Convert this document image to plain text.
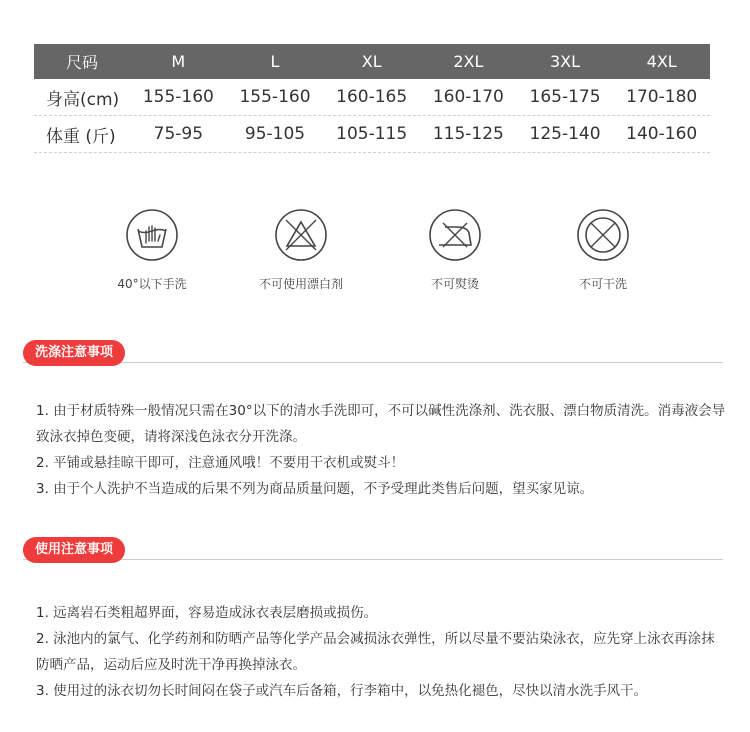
尺码	M	L	XL	2XL	3XL	4XL
身高(cm)	155-160	155-160	160-165	160-170	165-175	170-180
体重 (斤)	75-95	95-105	105-115	115-125	125-140	140-160
40°以下手洗	不可使用漂白剂	不可熨烫	不可干洗
洗涤注意事项
1. 由于材质特殊一般情况只需在30°以下的清水手洗即可，不可以碱性洗涤剂、洗衣服、漂白物质清洗。消毒液会导致泳衣掉色变硬，请将深浅色泳衣分开洗涤。
2. 平铺或悬挂晾干即可，注意通风哦！不要用干衣机或熨斗！
3. 由于个人洗护不当造成的后果不列为商品质量问题，不予受理此类售后问题，望买家见谅。
使用注意事项
1. 远离岩石类粗超界面，容易造成泳衣表层磨损或损伤。
2. 泳池内的氯气、化学药剂和防晒产品等化学产品会减损泳衣弹性，所以尽量不要沾染泳衣，应先穿上泳衣再涂抹防晒产品，运动后应及时洗干净再换掉泳衣。
3. 使用过的泳衣切勿长时间闷在袋子或汽车后备箱，行李箱中，以免热化褪色，尽快以清水洗手风干。
